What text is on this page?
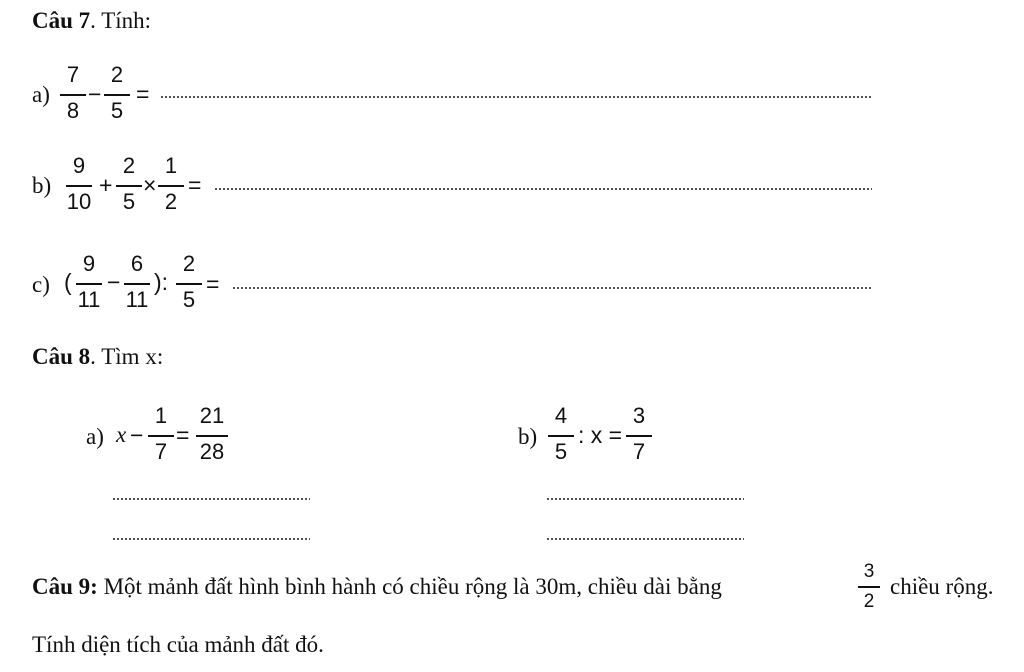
Câu 7. Tính:
a)
7
8
−
2
5
=
b)
9
10
+
2
5
×
1
2
=
c) (
9
11
−
6
11
):
2
5
=
Câu 8. Tìm x:
a) x −
1
7
=
21
28
b)
4
5
: x =
3
7
Câu 9: Một mảnh đất hình bình hành có chiều rộng là 30m, chiều dài bằng
3
2
chiều rộng.
Tính diện tích của mảnh đất đó.
